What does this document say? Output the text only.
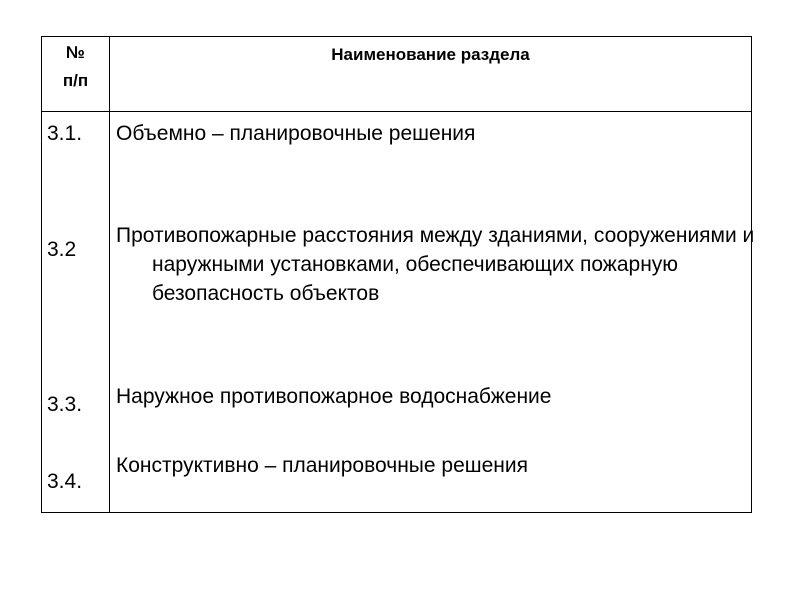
№
п/п
Наименование раздела
3.1. Объемно – планировочные решения
3.2
Противопожарные расстояния между зданиями, сооружениями и наружными установками, обеспечивающих пожарную безопасность объектов
3.3. Наружное противопожарное водоснабжение
3.4.
Конструктивно – планировочные решения
